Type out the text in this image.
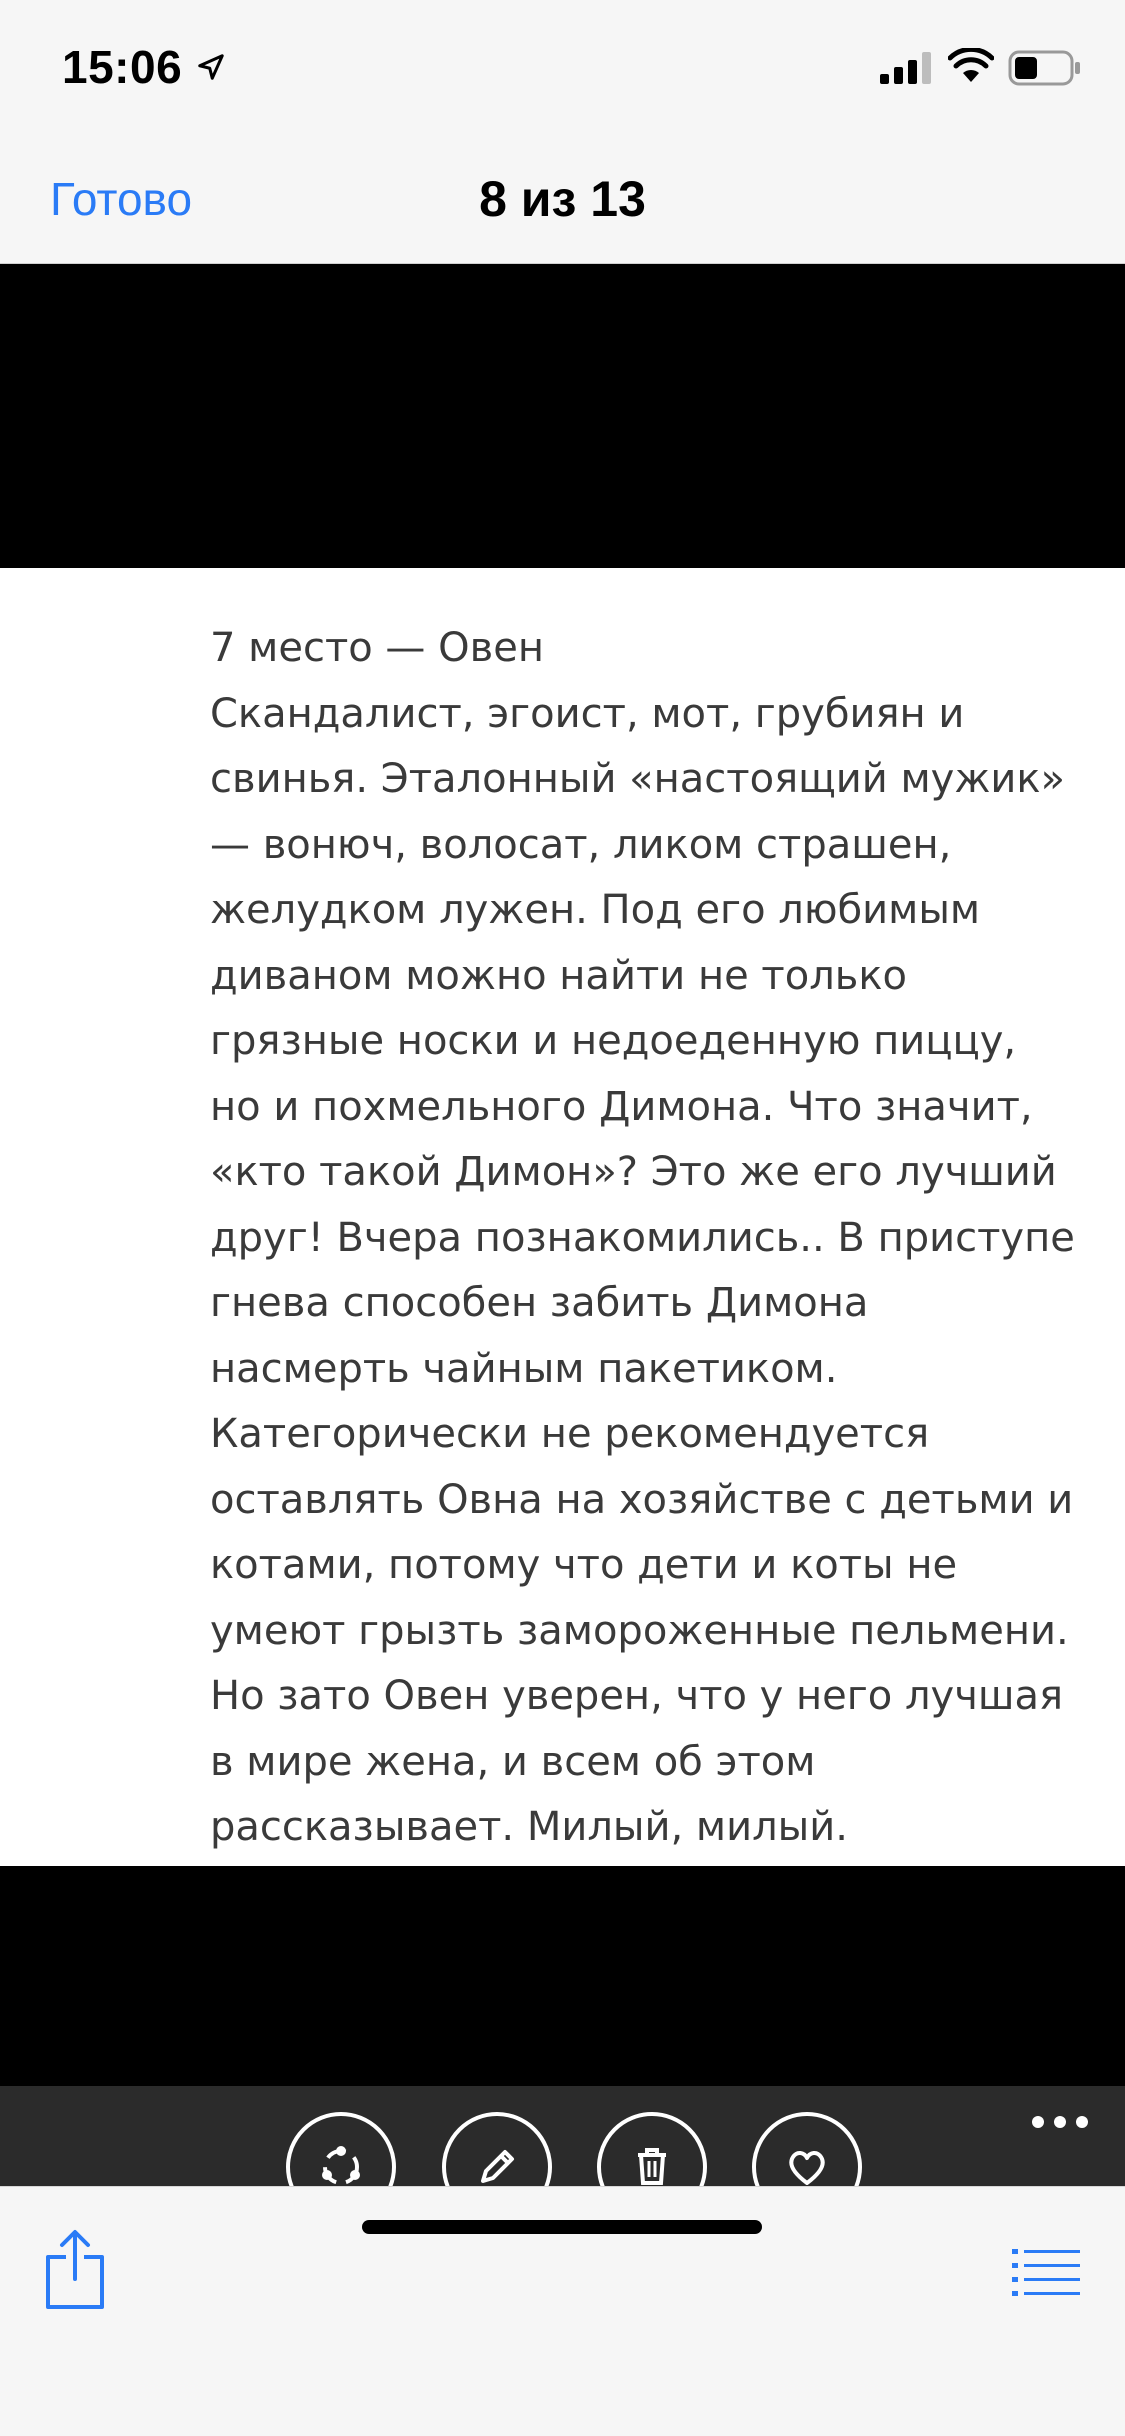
15:06
Готово	8 из 13
7 место — Овен
Скандалист, эгоист, мот, грубиян и
свинья. Эталонный «настоящий мужик»
— вонюч, волосат, ликом страшен,
желудком лужен. Под его любимым
диваном можно найти не только
грязные носки и недоеденную пиццу,
но и похмельного Димона. Что значит,
«кто такой Димон»? Это же его лучший
друг! Вчера познакомились.. В приступе
гнева способен забить Димона
насмерть чайным пакетиком.
Категорически не рекомендуется
оставлять Овна на хозяйстве с детьми и
котами, потому что дети и коты не
умеют грызть замороженные пельмени.
Но зато Овен уверен, что у него лучшая
в мире жена, и всем об этом
рассказывает. Милый, милый.
